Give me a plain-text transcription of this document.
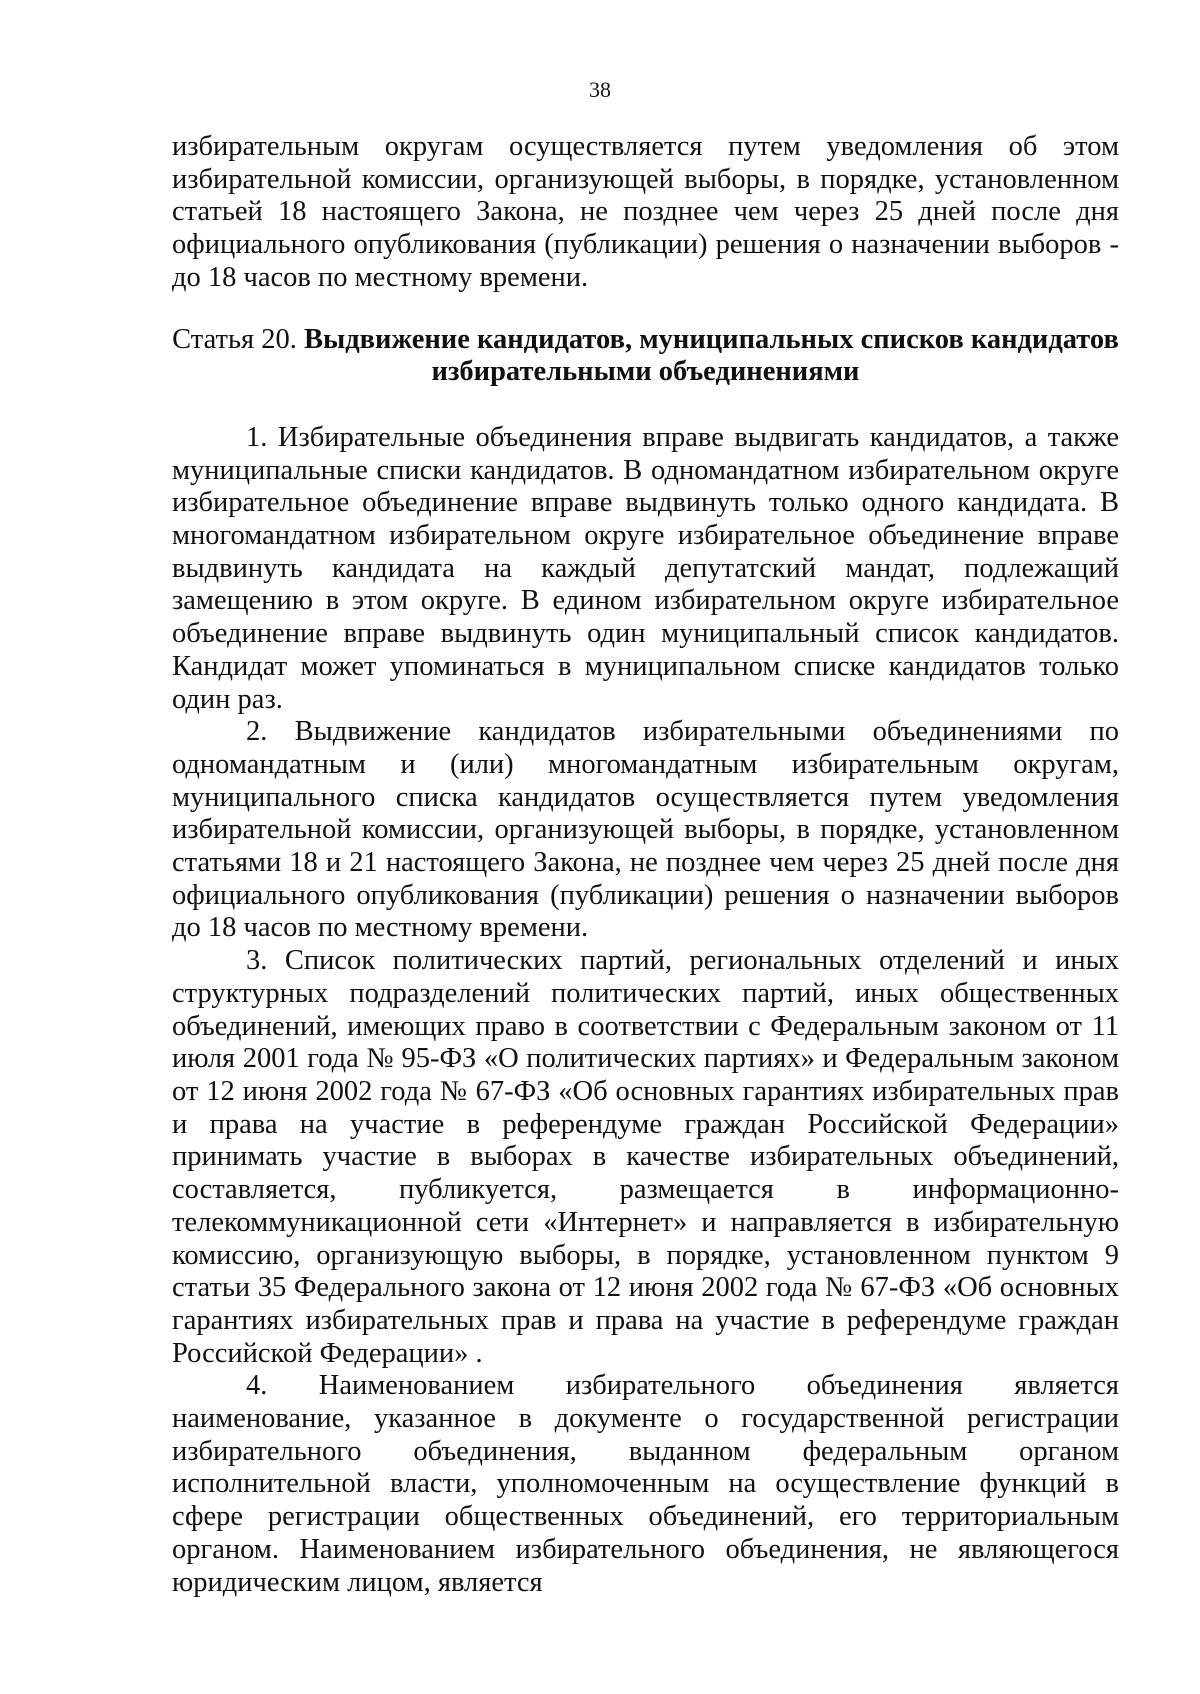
38

избирательным округам осуществляется путем уведомления об этом избирательной комиссии, организующей выборы, в порядке, установленном статьей 18 настоящего Закона, не позднее чем через 25 дней после дня официального опубликования (публикации) решения о назначении выборов - до 18 часов по местному времени.

Статья 20. Выдвижение кандидатов, муниципальных списков кандидатов избирательными объединениями

1. Избирательные объединения вправе выдвигать кандидатов, а также муниципальные списки кандидатов. В одномандатном избирательном округе избирательное объединение вправе выдвинуть только одного кандидата. В многомандатном избирательном округе избирательное объединение вправе выдвинуть кандидата на каждый депутатский мандат, подлежащий замещению в этом округе. В едином избирательном округе избирательное объединение вправе выдвинуть один муниципальный список кандидатов. Кандидат может упоминаться в муниципальном списке кандидатов только один раз.

2. Выдвижение кандидатов избирательными объединениями по одномандатным и (или) многомандатным избирательным округам, муниципального списка кандидатов осуществляется путем уведомления избирательной комиссии, организующей выборы, в порядке, установленном статьями 18 и 21 настоящего Закона, не позднее чем через 25 дней после дня официального опубликования (публикации) решения о назначении выборов до 18 часов по местному времени.

3. Список политических партий, региональных отделений и иных структурных подразделений политических партий, иных общественных объединений, имеющих право в соответствии с Федеральным законом от 11 июля 2001 года № 95-ФЗ «О политических партиях» и Федеральным законом от 12 июня 2002 года № 67-ФЗ «Об основных гарантиях избирательных прав и права на участие в референдуме граждан Российской Федерации» принимать участие в выборах в качестве избирательных объединений, составляется, публикуется, размещается в информационно-телекоммуникационной сети «Интернет» и направляется в избирательную комиссию, организующую выборы, в порядке, установленном пунктом 9 статьи 35 Федерального закона от 12 июня 2002 года № 67-ФЗ «Об основных гарантиях избирательных прав и права на участие в референдуме граждан Российской Федерации» .

4. Наименованием избирательного объединения является наименование, указанное в документе о государственной регистрации избирательного объединения, выданном федеральным органом исполнительной власти, уполномоченным на осуществление функций в сфере регистрации общественных объединений, его территориальным органом. Наименованием избирательного объединения, не являющегося юридическим лицом, является
